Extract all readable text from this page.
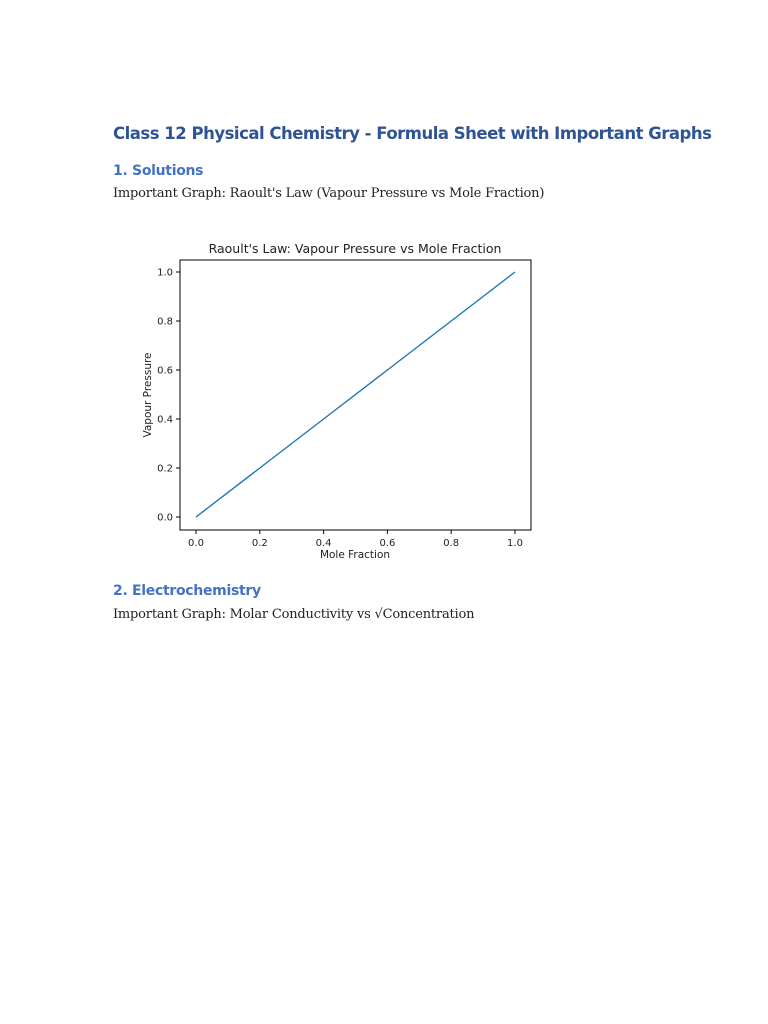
Class 12 Physical Chemistry - Formula Sheet with Important Graphs
1. Solutions
Important Graph: Raoult's Law (Vapour Pressure vs Mole Fraction)
Raoult's Law: Vapour Pressure vs Mole Fraction
0.0	0.2	0.4	0.6	0.8	1.0
0.0
0.2
0.4
0.6
0.8
1.0
Mole Fraction
Vapour Pressure
2. Electrochemistry
Important Graph: Molar Conductivity vs √Concentration
